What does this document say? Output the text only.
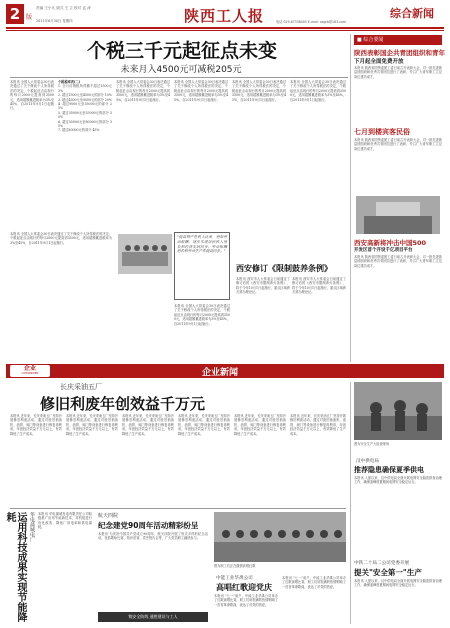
2 版
责编 王小凡 版式 王 立 校对 孟 涛
2011年6月30日 星期四	陕西工人报	综合新闻
电话 029-87338405 E-mail: sxgrb@163.com
个税三千元起征点未变
未来月入4500元可减税205元
本报讯 全国人大常委会30日表决通过了关于修改个人所得税法的决定，个税起征点由现行的每月2000元提高到3500元，适用超额累进税率为3%至45%，自2011年9月1日起施行。
个税税率表(二)
1. 全月应纳税所得额不超过1500元 3%
2. 超过1500元至4500元的部分 10%
3. 超过4500元至9000元的部分 20%
4. 超过9000元至35000元的部分 25%
5. 超过35000元至55000元的部分 30%
6. 超过55000元至80000元的部分 35%
7. 超过80000元的部分 45%
本报讯 全国人大常委会30日表决通过了关于修改个人所得税法的决定，个税起征点由现行的每月2000元提高到3500元，适用超额累进税率为3%至45%，自2011年9月1日起施行。
本报讯 全国人大常委会30日表决通过了关于修改个人所得税法的决定，个税起征点由现行的每月2000元提高到3500元，适用超额累进税率为3%至45%，自2011年9月1日起施行。
本报讯 全国人大常委会30日表决通过了关于修改个人所得税法的决定，个税起征点由现行的每月2000元提高到3500元，适用超额累进税率为3%至45%，自2011年9月1日起施行。
本报讯 全国人大常委会30日表决通过了关于修改个人所得税法的决定，个税起征点由现行的每月2000元提高到3500元，适用超额累进税率为3%至45%，自2011年9月1日起施行。
"提高财产性收入比重，增加劳动报酬，逐步实现居民收入增长和经济发展同步、劳动报酬增长和劳动生产率提高同步。"
本报讯 全国人大常委会30日表决通过了关于修改个人所得税法的决定，个税起征点由现行的每月2000元提高到3500元，适用超额累进税率为3%至45%，自2011年9月1日起施行。
西安修订《限制鼓养条例》
本报讯 西安市人大常委会日前通过了修订后的《西安市限制养犬条例》，将于今年10月1日起施行，重点区域养犬须办理登记。
本报讯 西安市人大常委会日前通过了修订后的《西安市限制养犬条例》，将于今年10月1日起施行，重点区域养犬须办理登记。
本报讯 全国人大常委会30日表决通过了关于修改个人所得税法的决定，个税起征点由现行的每月2000元提高到3500元，适用超额累进税率为3%至45%，自2011年9月1日起施行。
■ 综合要闻
陕西表彰国企共青团组织和青年
下月起全面免费开放
本报讯 陕西省国资委团工委日前召开表彰大会，对一批先进基层团组织和优秀共青团员进行了表彰，号召广大青年职工立足岗位建功成才。
七月到楼宾客民俗
本报讯 陕西省国资委团工委日前召开表彰大会，对一批先进基层团组织和优秀共青团员进行了表彰，号召广大青年职工立足岗位建功成才。
西安高新将冲击中国500
开发区首个开设千亿项目平台
本报讯 陕西省国资委团工委日前召开表彰大会，对一批先进基层团组织和优秀共青团员进行了表彰，号召广大青年职工立足岗位建功成才。
企业
QIYEXINWEN	企业新闻
长庆采油五厂
修旧利废年创效益千万元
本报讯 近年来，长庆采油五厂坚持开展修旧利废活动，通过对废旧抽油机、油管、阀门等设备进行修复再利用，年创经济效益千万元以上，有效降低了生产成本。
本报讯 近年来，长庆采油五厂坚持开展修旧利废活动，通过对废旧抽油机、油管、阀门等设备进行修复再利用，年创经济效益千万元以上，有效降低了生产成本。
本报讯 近年来，长庆采油五厂坚持开展修旧利废活动，通过对废旧抽油机、油管、阀门等设备进行修复再利用，年创经济效益千万元以上，有效降低了生产成本。
本报讯 近年来，长庆采油五厂坚持开展修旧利废活动，通过对废旧抽油机、油管、阀门等设备进行修复再利用，年创经济效益千万元以上，有效降低了生产成本。
本报讯 近年来，长庆采油五厂坚持开展修旧利废活动，通过对废旧抽油机、油管、阀门等设备进行修复再利用，年创经济效益千万元以上，有效降低了生产成本。
本报讯 近年来，长庆采油五厂坚持开展修旧利废活动，通过对废旧抽油机、油管、阀门等设备进行修复再利用，年创经济效益千万元以上，有效降低了生产成本。
图为安全生产大检查现场
汉中供电局
推荐隐患确保夏季供电
本报讯 入夏以来，汉中供电局全面开展电网安全隐患排查治理工作，确保迎峰度夏期间电网安全稳定运行。
中铁二十局二公司党委开展
提关"安全第一"生产
本报讯 入夏以来，汉中供电局全面开展电网安全隐患排查治理工作，确保迎峰度夏期间电网安全稳定运行。
运用科技成果实现节能降耗	华电蒲城电厂 本报讯 华电蒲城发电有限责任公司积极推广应用节能新技术，对机组进行优化改造，降低厂用电率和供电煤耗。
航天四院
纪念建党90周年活动精彩纷呈
本报讯 为庆祝中国共产党成立90周年，航天四院开展了形式多样的纪念活动，包括歌咏比赛、知识竞赛、党史报告会等，广大党员职工踊跃参与。
铸安全防线 通胜建设与工人
图为职工们正在激情高唱红歌
中能工业华禹公司
高唱红歌迎党庆
本报讯 "七一"前夕，中能工业华禹公司举办了红歌演唱比赛，职工们用饱满的热情唱响了一首首革命歌曲，表达了对党的热爱。
本报讯 "七一"前夕，中能工业华禹公司举办了红歌演唱比赛，职工们用饱满的热情唱响了一首首革命歌曲，表达了对党的热爱。
